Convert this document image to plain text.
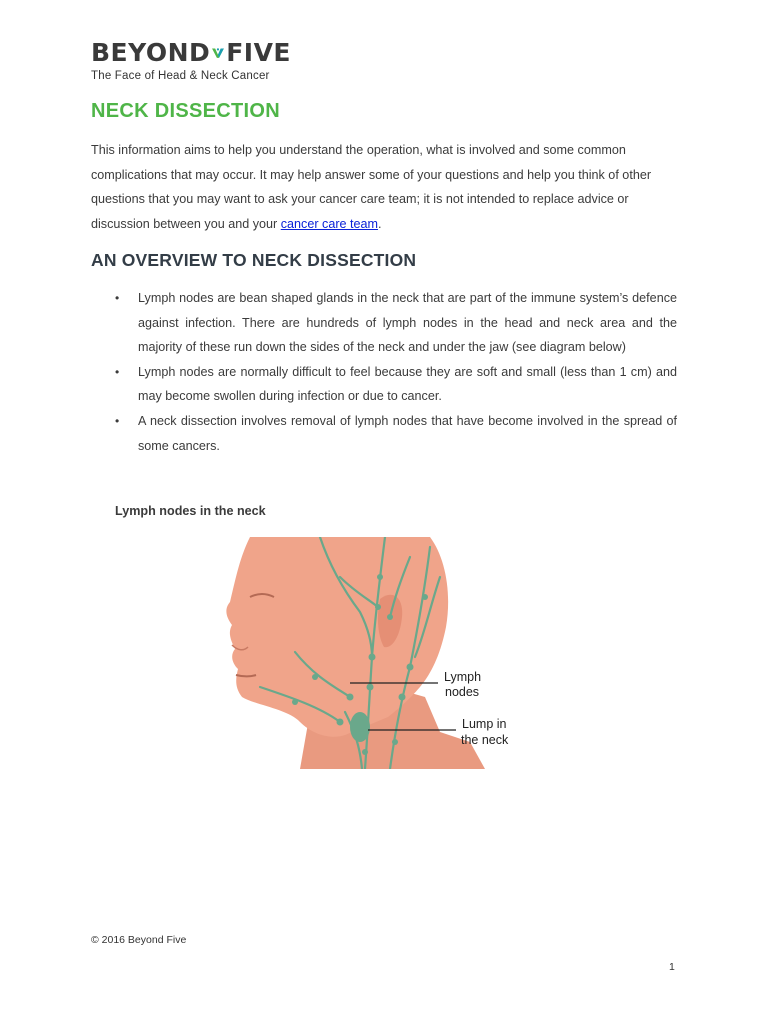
BEYOND FIVE
The Face of Head & Neck Cancer
NECK DISSECTION

This information aims to help you understand the operation, what is involved and some common complications that may occur. It may help answer some of your questions and help you think of other questions that you may want to ask your cancer care team; it is not intended to replace advice or discussion between you and your cancer care team.

AN OVERVIEW TO NECK DISSECTION
• Lymph nodes are bean shaped glands in the neck that are part of the immune system’s defence against infection. There are hundreds of lymph nodes in the head and neck area and the majority of these run down the sides of the neck and under the jaw (see diagram below)
• Lymph nodes are normally difficult to feel because they are soft and small (less than 1 cm) and may become swollen during infection or due to cancer.
• A neck dissection involves removal of lymph nodes that have become involved in the spread of some cancers.
Lymph nodes in the neck
Lymph
nodes
Lump in
the neck
© 2016 Beyond Five
1
